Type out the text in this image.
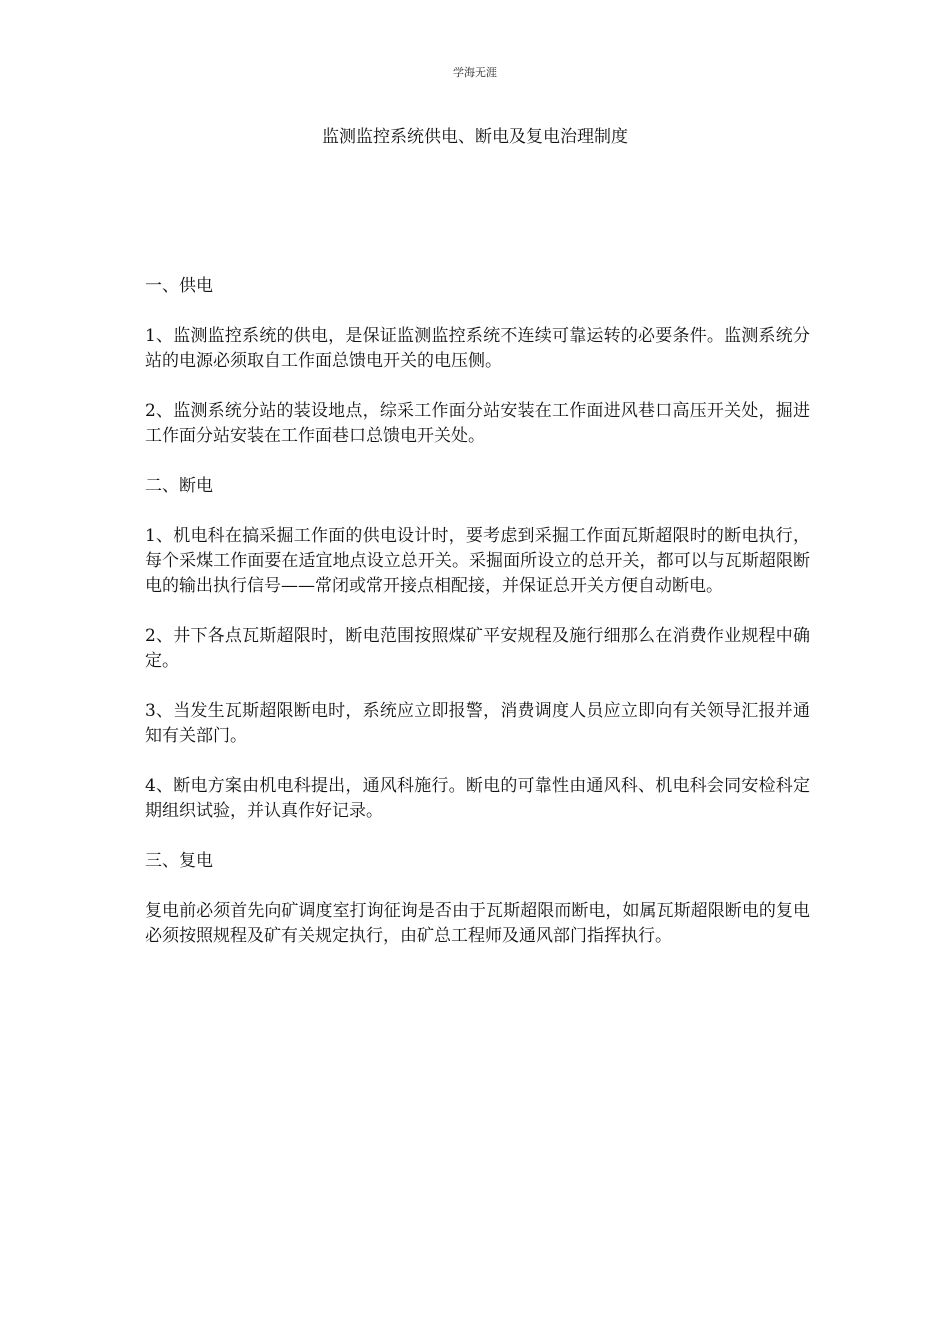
学海无涯
监测监控系统供电、断电及复电治理制度
一、供电
1、监测监控系统的供电，是保证监测监控系统不连续可靠运转的必要条件。监测系统分站的电源必须取自工作面总馈电开关的电压侧。
2、监测系统分站的装设地点，综采工作面分站安装在工作面进风巷口高压开关处，掘进工作面分站安装在工作面巷口总馈电开关处。
二、断电
1、机电科在搞采掘工作面的供电设计时，要考虑到采掘工作面瓦斯超限时的断电执行，每个采煤工作面要在适宜地点设立总开关。采掘面所设立的总开关，都可以与瓦斯超限断电的输出执行信号——常闭或常开接点相配接，并保证总开关方便自动断电。
2、井下各点瓦斯超限时，断电范围按照煤矿平安规程及施行细那么在消费作业规程中确定。
3、当发生瓦斯超限断电时，系统应立即报警，消费调度人员应立即向有关领导汇报并通知有关部门。
4、断电方案由机电科提出，通风科施行。断电的可靠性由通风科、机电科会同安检科定期组织试验，并认真作好记录。
三、复电
复电前必须首先向矿调度室打询征询是否由于瓦斯超限而断电，如属瓦斯超限断电的复电必须按照规程及矿有关规定执行，由矿总工程师及通风部门指挥执行。
